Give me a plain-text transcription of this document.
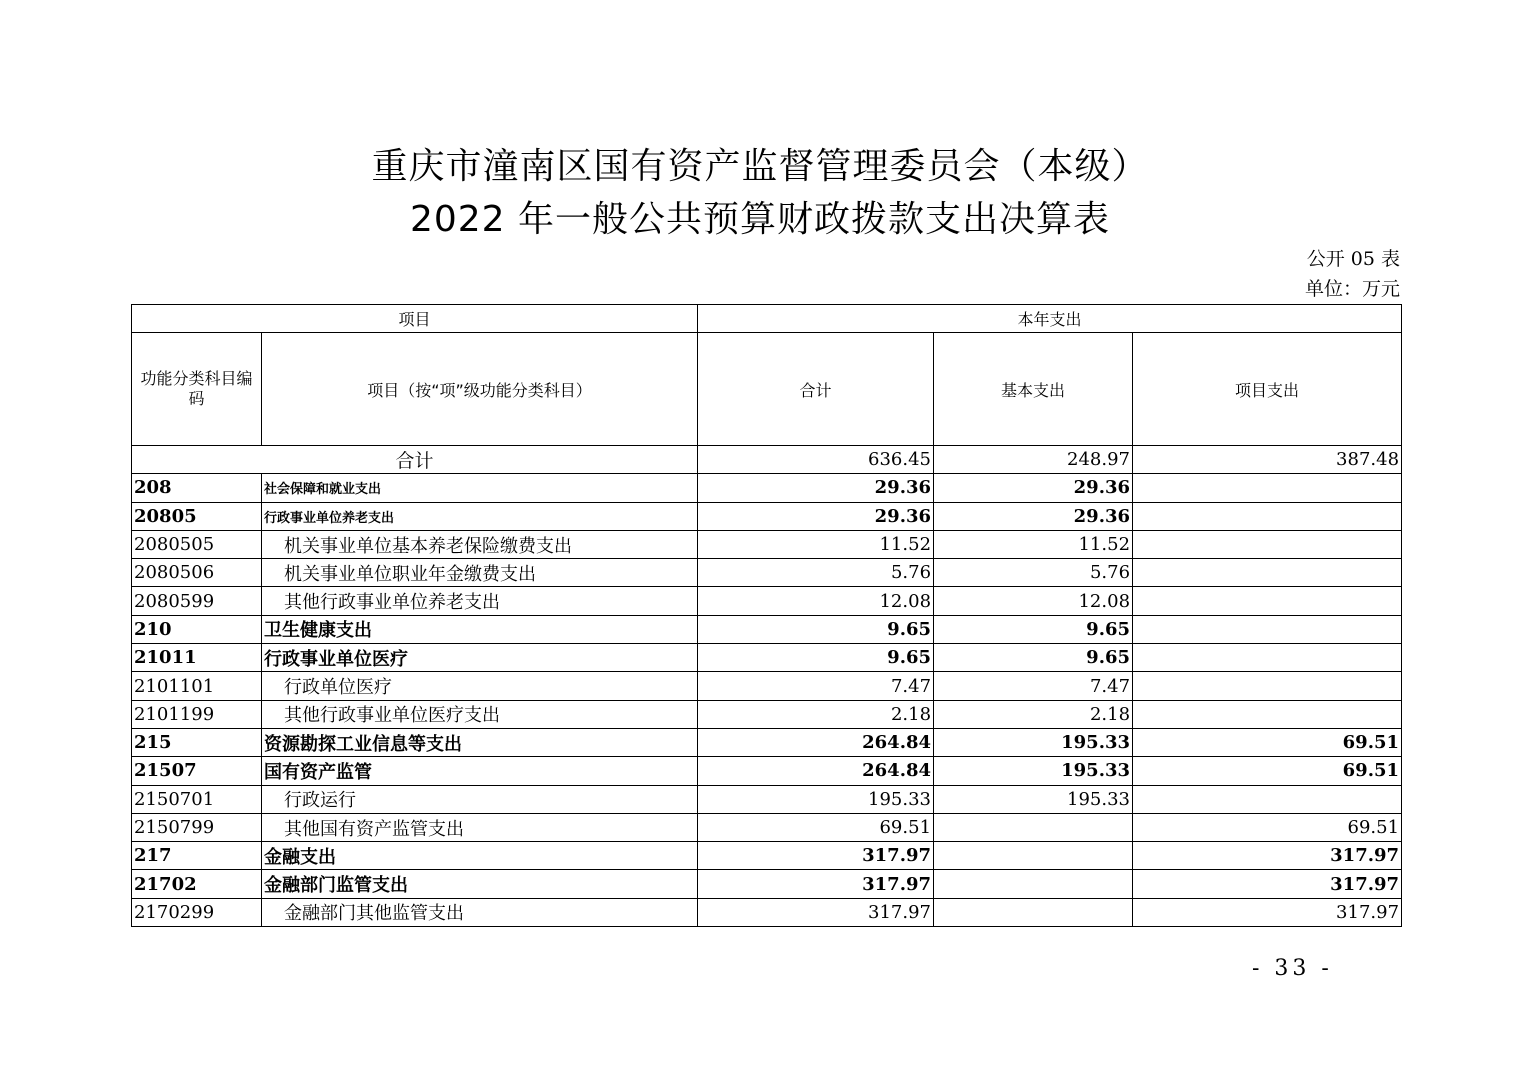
重庆市潼南区国有资产监督管理委员会（本级）
2022 年一般公共预算财政拨款支出决算表
公开 05 表
单位：万元
项目		本年支出		
功能分类科目编码	项目（按“项”级功能分类科目）	合计	基本支出	项目支出
合计		636.45	248.97	387.48
208	社会保障和就业支出	29.36	29.36	
20805	行政事业单位养老支出	29.36	29.36	
2080505	机关事业单位基本养老保险缴费支出	11.52	11.52	
2080506	机关事业单位职业年金缴费支出	5.76	5.76	
2080599	其他行政事业单位养老支出	12.08	12.08	
210	卫生健康支出	9.65	9.65	
21011	行政事业单位医疗	9.65	9.65	
2101101	行政单位医疗	7.47	7.47	
2101199	其他行政事业单位医疗支出	2.18	2.18	
215	资源勘探工业信息等支出	264.84	195.33	69.51
21507	国有资产监管	264.84	195.33	69.51
2150701	行政运行	195.33	195.33	
2150799	其他国有资产监管支出	69.51		69.51
217	金融支出	317.97		317.97
21702	金融部门监管支出	317.97		317.97
2170299	金融部门其他监管支出	317.97		317.97
- 33 -
